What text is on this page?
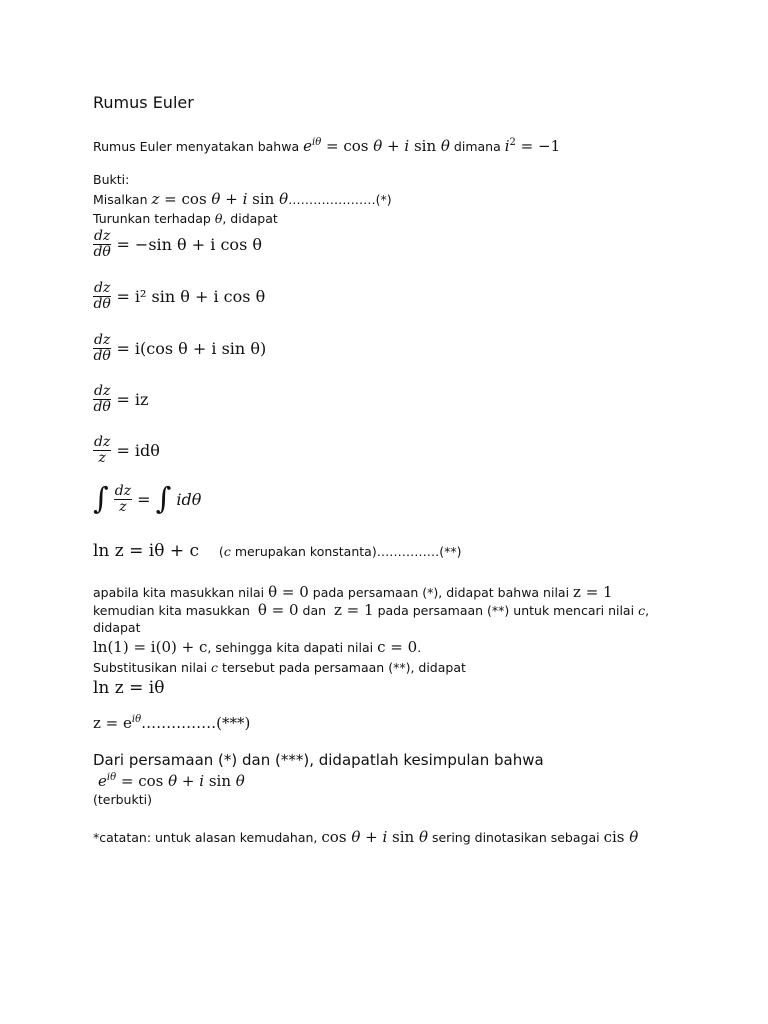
Rumus Euler
Rumus Euler menyatakan bahwa $e^{i\theta} = \cos \theta + i$ sin θ dimana $i^2 = -1$
Bukti:
Misalkan z = cos θ + i sin θ…………………(*)
Turunkan terhadap θ, didapat
$\frac{dz}{d\theta} = -\sin$ θ + i cos θ
$\frac{dz}{d\theta} = i^2$ sin θ + i cos θ
$\frac{dz}{d\theta} = i(\cos$ θ + i sin θ)
$\frac{dz}{d\theta}$ = iz
$\frac{dz}{z} = id\theta$
∫ $\frac{dz}{z}$ = ∫ idθ
ln z = iθ + c (c merupakan konstanta)……………(**)
apabila kita masukkan nilai θ = 0 pada persamaan (*), didapat bahwa nilai z = 1
kemudian kita masukkan θ = 0 dan z = 1 pada persamaan (**) untuk mencari nilai c,
didapat
ln(1) = i(0) + c, sehingga kita dapati nilai c = 0.
Substitusikan nilai c tersebut pada persamaan (**), didapat
ln z = iθ
$z = e^{i\theta}\dots\dots\dots\dots\dots(***)$
Dari persamaan (*) dan (***), didapatlah kesimpulan bahwa
$e^{i\theta} = \cos \theta + i$ sin θ
(terbukti)
*catatan: untuk alasan kemudahan, cos θ + i sin θ sering dinotasikan sebagai cis θ
